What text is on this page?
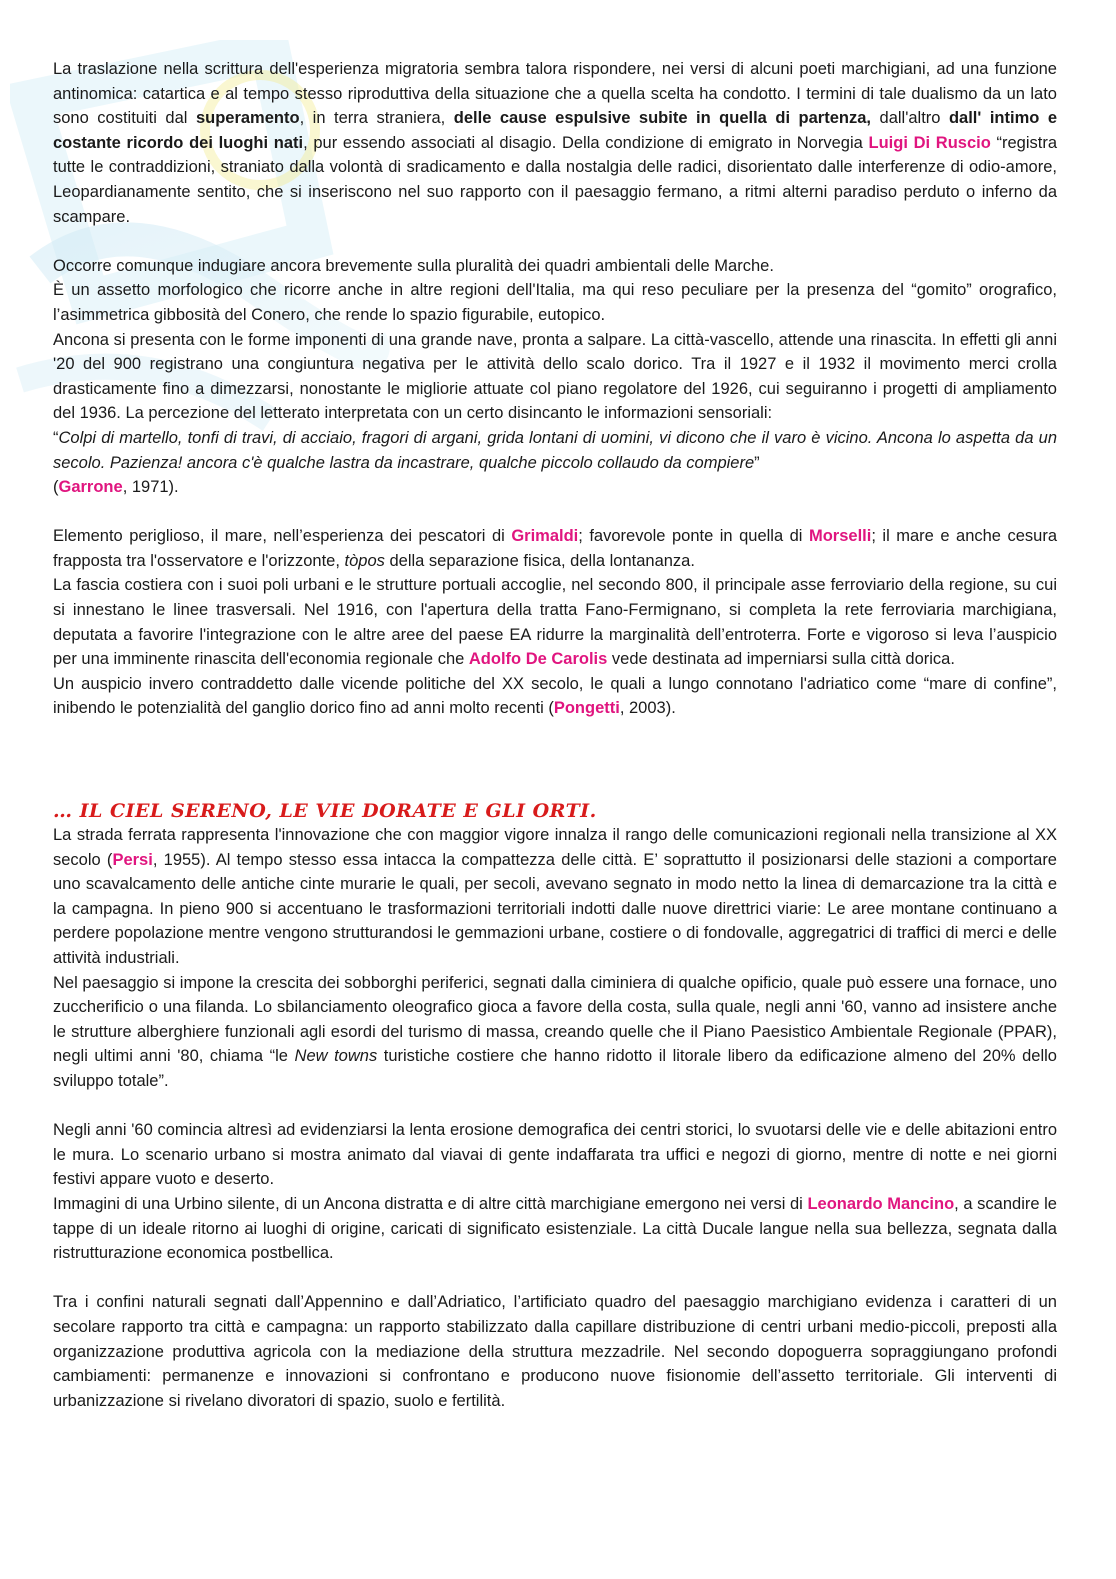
La traslazione nella scrittura dell'esperienza migratoria sembra talora rispondere, nei versi di alcuni poeti marchigiani, ad una funzione antinomica: catartica e al tempo stesso riproduttiva della situazione che a quella scelta ha condotto. I termini di tale dualismo da un lato sono costituiti dal superamento, in terra straniera, delle cause espulsive subite in quella di partenza, dall'altro dall' intimo e costante ricordo dei luoghi nati, pur essendo associati al disagio. Della condizione di emigrato in Norvegia Luigi Di Ruscio “registra tutte le contraddizioni, straniato dalla volontà di sradicamento e dalla nostalgia delle radici, disorientato dalle interferenze di odio-amore, Leopardianamente sentito, che si inseriscono nel suo rapporto con il paesaggio fermano, a ritmi alterni paradiso perduto o inferno da scampare.

Occorre comunque indugiare ancora brevemente sulla pluralità dei quadri ambientali delle Marche.

È un assetto morfologico che ricorre anche in altre regioni dell'Italia, ma qui reso peculiare per la presenza del “gomito” orografico, l’asimmetrica gibbosità del Conero, che rende lo spazio figurabile, eutopico.

Ancona si presenta con le forme imponenti di una grande nave, pronta a salpare. La città-vascello, attende una rinascita. In effetti gli anni '20 del 900 registrano una congiuntura negativa per le attività dello scalo dorico. Tra il 1927 e il 1932 il movimento merci crolla drasticamente fino a dimezzarsi, nonostante le migliorie attuate col piano regolatore del 1926, cui seguiranno i progetti di ampliamento del 1936. La percezione del letterato interpretata con un certo disincanto le informazioni sensoriali:

“Colpi di martello, tonfi di travi, di acciaio, fragori di argani, grida lontani di uomini, vi dicono che il varo è vicino. Ancona lo aspetta da un secolo. Pazienza! ancora c'è qualche lastra da incastrare, qualche piccolo collaudo da compiere”
(Garrone, 1971).

Elemento periglioso, il mare, nell’esperienza dei pescatori di Grimaldi; favorevole ponte in quella di Morselli; il mare e anche cesura frapposta tra l'osservatore e l'orizzonte, tòpos della separazione fisica, della lontananza.

La fascia costiera con i suoi poli urbani e le strutture portuali accoglie, nel secondo 800, il principale asse ferroviario della regione, su cui si innestano le linee trasversali. Nel 1916, con l'apertura della tratta Fano-Fermignano, si completa la rete ferroviaria marchigiana, deputata a favorire l'integrazione con le altre aree del paese EA ridurre la marginalità dell’entroterra. Forte e vigoroso si leva l’auspicio per una imminente rinascita dell'economia regionale che Adolfo De Carolis vede destinata ad imperniarsi sulla città dorica.

Un auspicio invero contraddetto dalle vicende politiche del XX secolo, le quali a lungo connotano l'adriatico come “mare di confine”, inibendo le potenzialità del ganglio dorico fino ad anni molto recenti (Pongetti, 2003).

… IL CIEL SERENO, LE VIE DORATE E GLI ORTI.

La strada ferrata rappresenta l'innovazione che con maggior vigore innalza il rango delle comunicazioni regionali nella transizione al XX secolo (Persi, 1955). Al tempo stesso essa intacca la compattezza delle città. E’ soprattutto il posizionarsi delle stazioni a comportare uno scavalcamento delle antiche cinte murarie le quali, per secoli, avevano segnato in modo netto la linea di demarcazione tra la città e la campagna. In pieno 900 si accentuano le trasformazioni territoriali indotti dalle nuove direttrici viarie: Le aree montane continuano a perdere popolazione mentre vengono strutturandosi le gemmazioni urbane, costiere o di fondovalle, aggregatrici di traffici di merci e delle attività industriali.

Nel paesaggio si impone la crescita dei sobborghi periferici, segnati dalla ciminiera di qualche opificio, quale può essere una fornace, uno zuccherificio o una filanda. Lo sbilanciamento oleografico gioca a favore della costa, sulla quale, negli anni '60, vanno ad insistere anche le strutture alberghiere funzionali agli esordi del turismo di massa, creando quelle che il Piano Paesistico Ambientale Regionale (PPAR), negli ultimi anni '80, chiama “le New towns turistiche costiere che hanno ridotto il litorale libero da edificazione almeno del 20% dello sviluppo totale”.

Negli anni '60 comincia altresì ad evidenziarsi la lenta erosione demografica dei centri storici, lo svuotarsi delle vie e delle abitazioni entro le mura. Lo scenario urbano si mostra animato dal viavai di gente indaffarata tra uffici e negozi di giorno, mentre di notte e nei giorni festivi appare vuoto e deserto.

Immagini di una Urbino silente, di un Ancona distratta e di altre città marchigiane emergono nei versi di Leonardo Mancino, a scandire le tappe di un ideale ritorno ai luoghi di origine, caricati di significato esistenziale. La città Ducale langue nella sua bellezza, segnata dalla ristrutturazione economica postbellica.

Tra i confini naturali segnati dall’Appennino e dall’Adriatico, l’artificiato quadro del paesaggio marchigiano evidenza i caratteri di un secolare rapporto tra città e campagna: un rapporto stabilizzato dalla capillare distribuzione di centri urbani medio-piccoli, preposti alla organizzazione produttiva agricola con la mediazione della struttura mezzadrile. Nel secondo dopoguerra sopraggiungano profondi cambiamenti: permanenze e innovazioni si confrontano e producono nuove fisionomie dell’assetto territoriale. Gli interventi di urbanizzazione si rivelano divoratori di spazio, suolo e fertilità.
